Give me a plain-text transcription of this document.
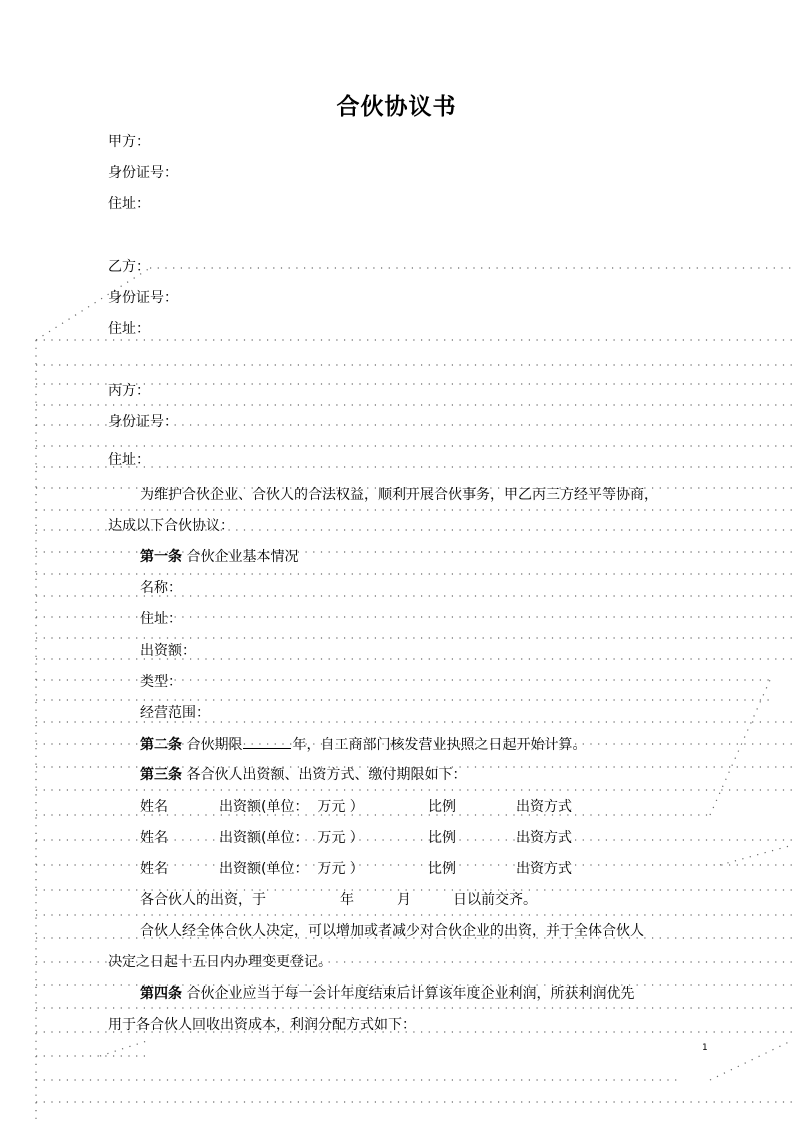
合伙协议书
甲方：
身份证号：
住址：
乙方：
身份证号：
住址：
丙方：
身份证号：
住址：
为维护合伙企业、合伙人的合法权益，顺利开展合伙事务，甲乙丙三方经平等协商，
达成以下合伙协议：
第一条 合伙企业基本情况
名称：
住址：
出资额：
类型：
经营范围：
第二条 合伙期限	年，自工商部门核发营业执照之日起开始计算。
第三条 各合伙人出资额、出资方式、缴付期限如下：
姓名	出资额(单位：  万元 ）	比例	出资方式
姓名	出资额(单位：  万元 ）	比例	出资方式
姓名	出资额(单位：  万元 ）	比例	出资方式
各合伙人的出资，于	年	月	日以前交齐。
合伙人经全体合伙人决定，可以增加或者减少对合伙企业的出资，并于全体合伙人
决定之日起十五日内办理变更登记。
第四条 合伙企业应当于每一会计年度结束后计算该年度企业利润，所获利润优先
用于各合伙人回收出资成本，利润分配方式如下：
1
